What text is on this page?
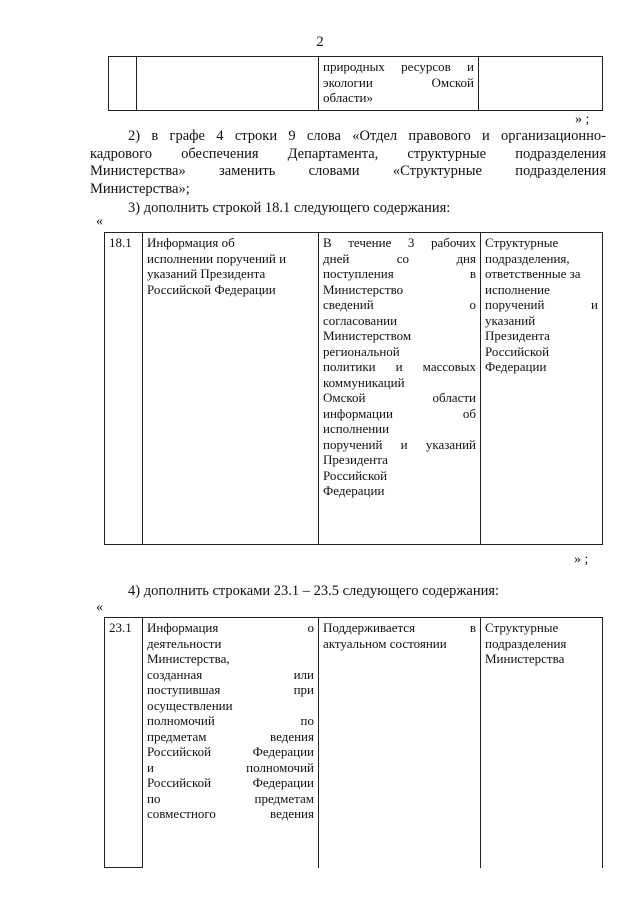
2

природных ресурсов и
экологии Омской
области»

» ;
2) в графе 4 строки 9 слова «Отдел правового и организационно-
кадрового обеспечения Департамента, структурные подразделения
Министерства» заменить словами «Структурные подразделения
Министерства»;
3) дополнить строкой 18.1 следующего содержания:
«
18.1	Информация об
исполнении поручений и
указаний Президента
Российской Федерации

В течение 3 рабочих
дней со дня
поступления в
Министерство
сведений о
согласовании
Министерством
региональной
политики и массовых
коммуникаций
Омской области
информации об
исполнении
поручений и указаний
Президента
Российской
Федерации

Структурные
подразделения,
ответственные за
исполнение
поручений и
указаний
Президента
Российской
Федерации
» ;
4) дополнить строками 23.1 – 23.5 следующего содержания:
«
23.1	Информация о
деятельности
Министерства,
созданная или
поступившая при
осуществлении
полномочий по
предметам ведения
Российской Федерации
и полномочий
Российской Федерации
по предметам
совместного ведения

Поддерживается в
актуальном состоянии

Структурные
подразделения
Министерства
